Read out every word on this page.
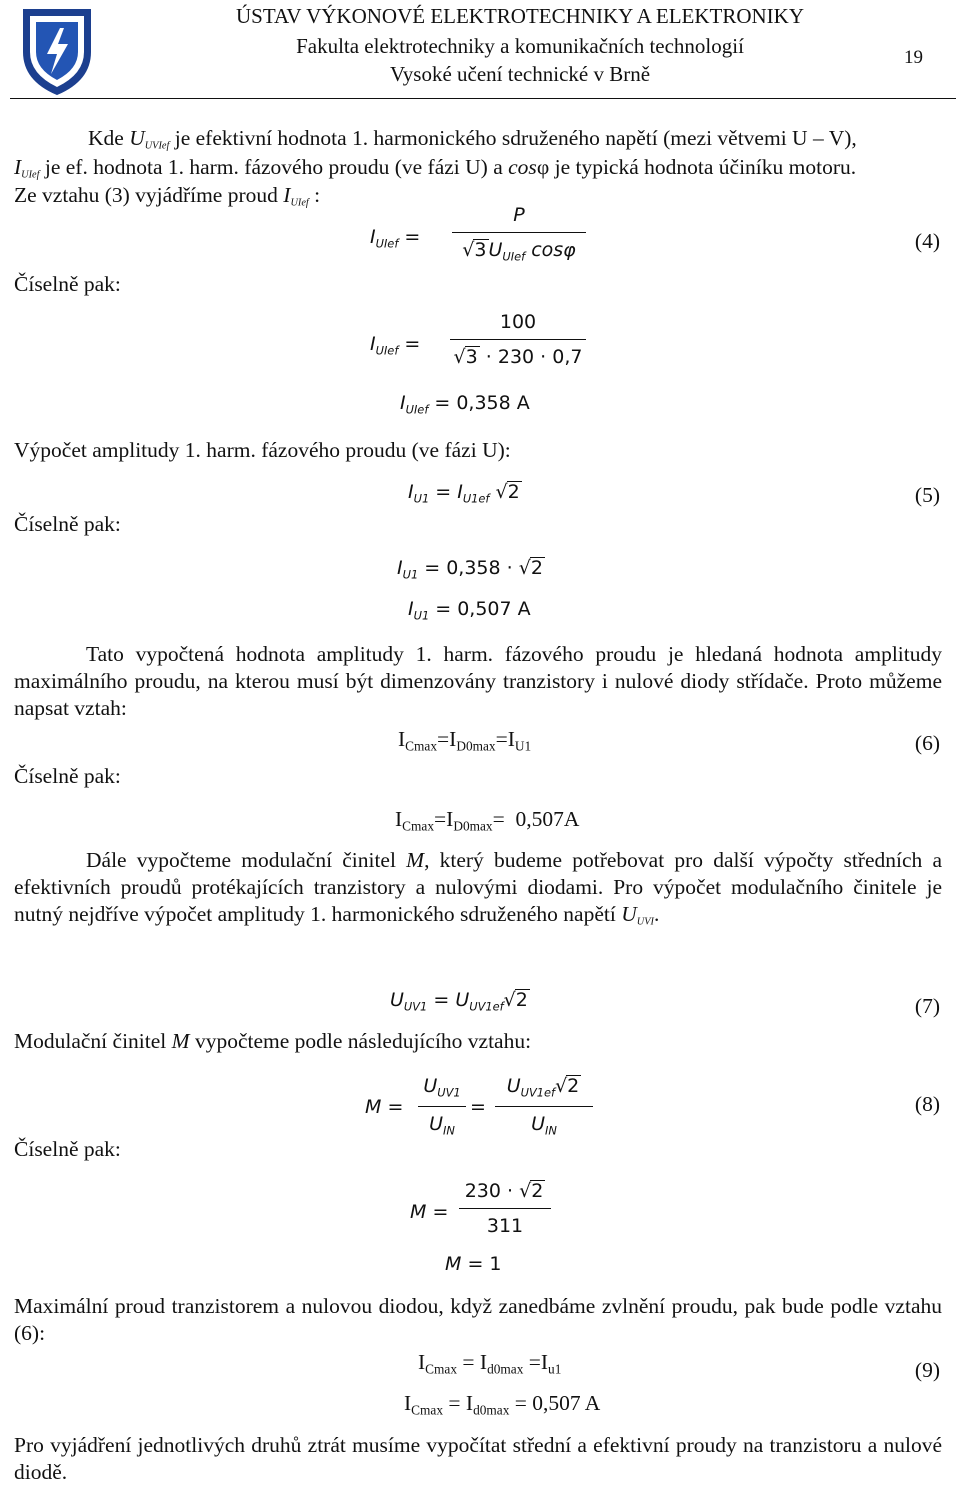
ÚSTAV VÝKONOVÉ ELEKTROTECHNIKY A ELEKTRONIKY
Fakulta elektrotechniky a komunikačních technologií
Vysoké učení technické v Brně
19
Kde $U_{UVIef}$ je efektivní hodnota 1. harmonického sdruženého napětí (mezi větvemi U – V),
$I_{UIef}$ je ef. hodnota 1. harm. fázového proudu (ve fázi U) a cosφ je typická hodnota účiníku motoru.
Ze vztahu (3) vyjádříme proud $I_{UIef}$ :
$I_{UIef}$ =
P
√3 $U_{UIef}$ cosφ	(4)
Číselně pak:
$I_{UIef}$ =
100
√3 · 230 · 0,7
$I_{UIef} = 0,358$ A
Výpočet amplitudy 1. harm. fázového proudu (ve fázi U):
$I_{U1} = I_{U1ef}$ √2	(5)
Číselně pak:
$I_{U1} = 0,358 \cdot √2$
$I_{U1} = 0,507$ A
Tato vypočtená hodnota amplitudy 1. harm. fázového proudu je hledaná hodnota amplitudy maximálního proudu, na kterou musí být dimenzovány tranzistory i nulové diody střídače. Proto můžeme napsat vztah:
$I_{Cmax}=I_{D0max}=I_{U1}$	(6)
Číselně pak:
$I_{Cmax}=I_{D0max}= 0,507A$
Dále vypočteme modulační činitel M, který budeme potřebovat pro další výpočty středních a efektivních proudů protékajících tranzistory a nulovými diodami. Pro výpočet modulačního činitele je nutný nejdříve výpočet amplitudy 1. harmonického sdruženého napětí $U_{UVI}$.
$U_{UV1} = U_{UV1ef}√2$	(7)
Modulační činitel M vypočteme podle následujícího vztahu:
M =
$U_{UV1}$
$U_{IN}$
=
$U_{UV1ef}√2$
$U_{IN}$
(8)
Číselně pak:
M =
230 · √2
311
M = 1
Maximální proud tranzistorem a nulovou diodou, když zanedbáme zvlnění proudu, pak bude podle vztahu (6):
$I_{Cmax} = I_{d0max} =I_{u1}$	(9)
$I_{Cmax} = I_{d0max} = 0,507$ A
Pro vyjádření jednotlivých druhů ztrát musíme vypočítat střední a efektivní proudy na tranzistoru a nulové diodě.
